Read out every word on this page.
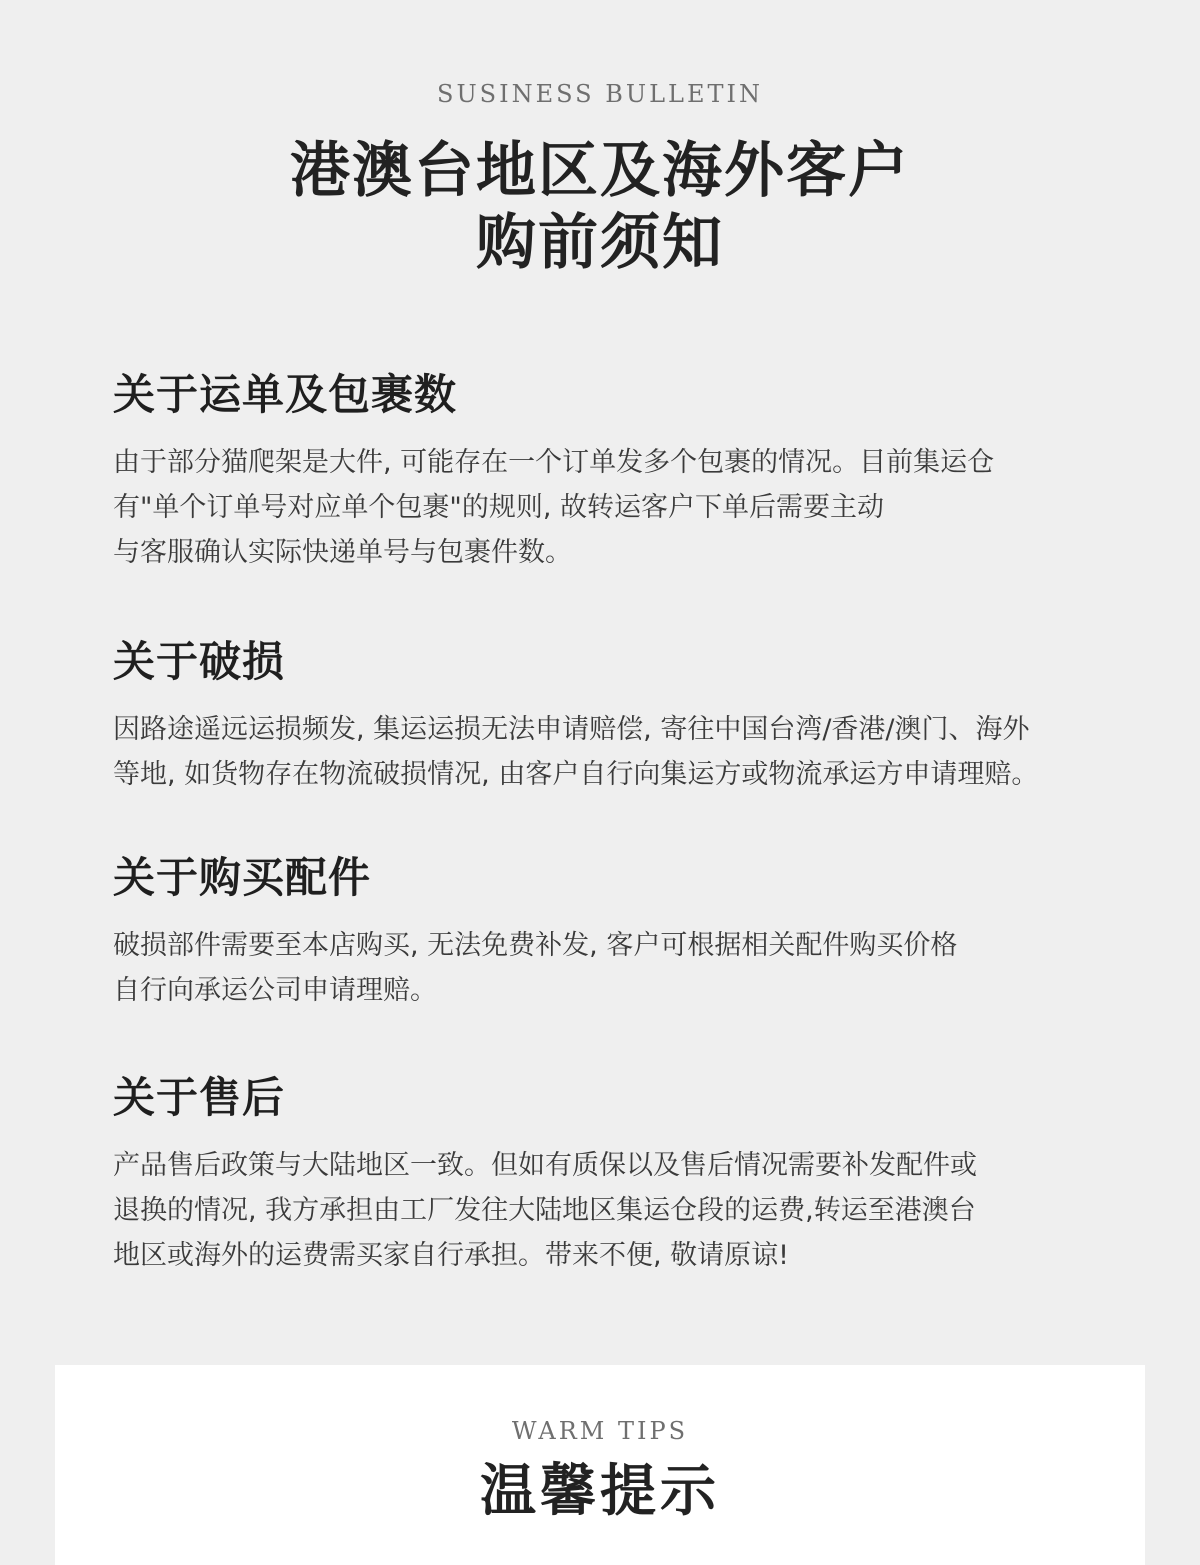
SUSINESS BULLETIN
港澳台地区及海外客户
购前须知
关于运单及包裹数
由于部分猫爬架是大件, 可能存在一个订单发多个包裹的情况。目前集运仓
有"单个订单号对应单个包裹"的规则, 故转运客户下单后需要主动
与客服确认实际快递单号与包裹件数。
关于破损
因路途遥远运损频发, 集运运损无法申请赔偿, 寄往中国台湾/香港/澳门、海外
等地, 如货物存在物流破损情况, 由客户自行向集运方或物流承运方申请理赔。
关于购买配件
破损部件需要至本店购买, 无法免费补发, 客户可根据相关配件购买价格
自行向承运公司申请理赔。
关于售后
产品售后政策与大陆地区一致。但如有质保以及售后情况需要补发配件或
退换的情况, 我方承担由工厂发往大陆地区集运仓段的运费,转运至港澳台
地区或海外的运费需买家自行承担。带来不便, 敬请原谅!
WARM TIPS
温馨提示
